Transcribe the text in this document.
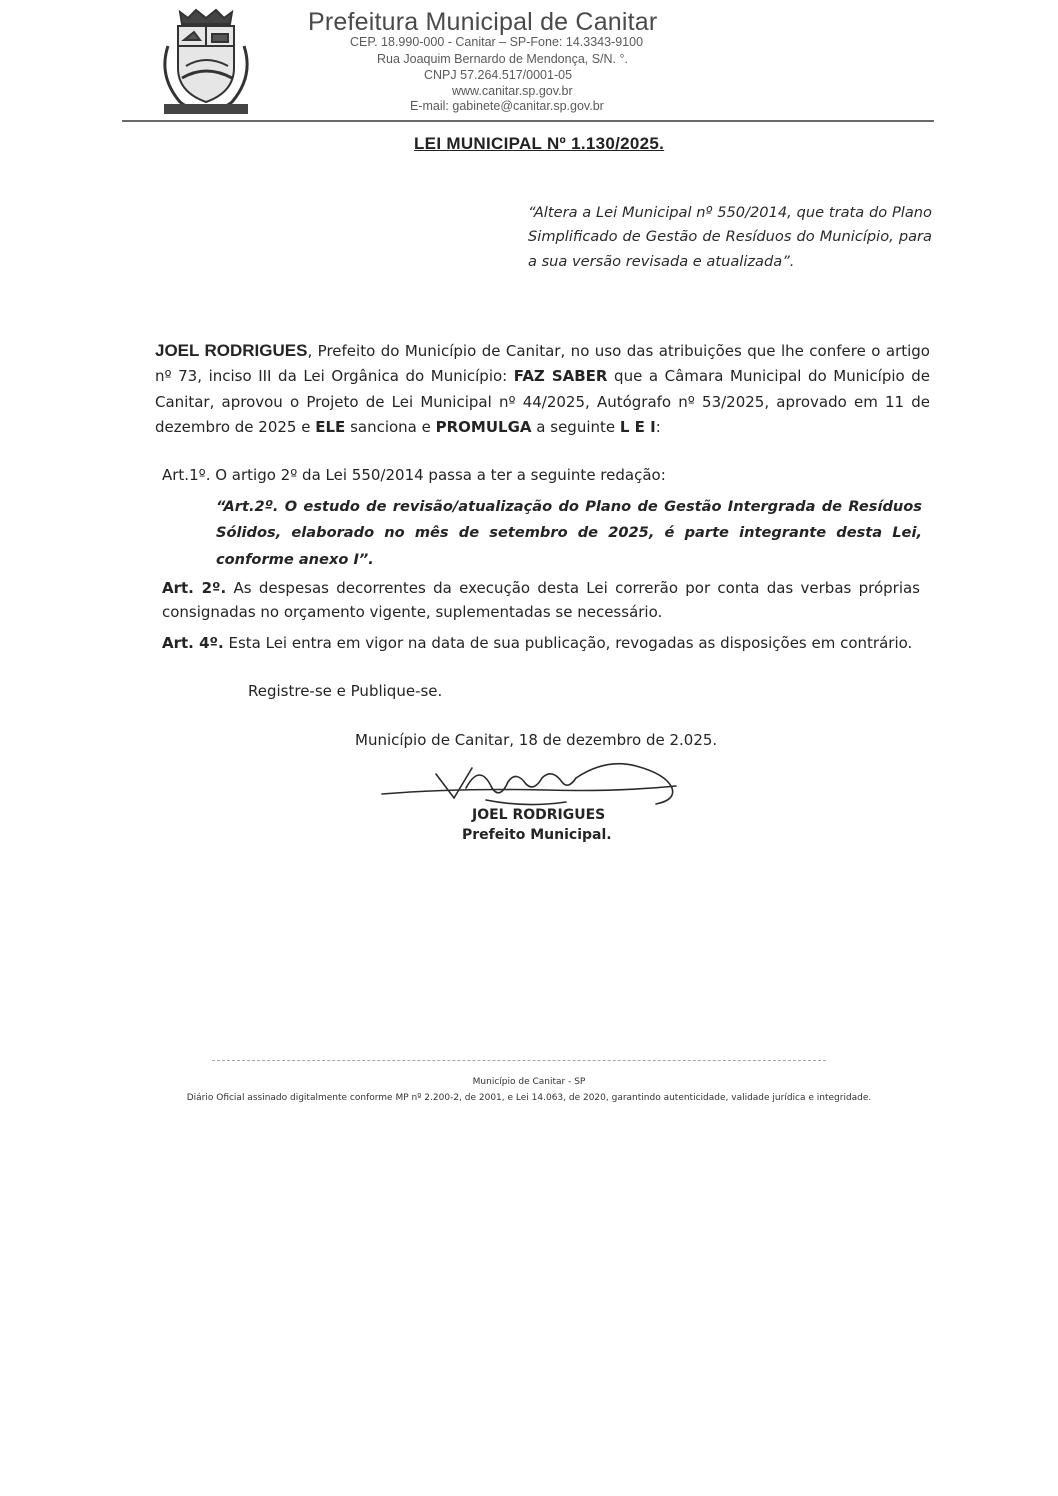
Prefeitura Municipal de Canitar
CEP. 18.990-000 - Canitar – SP-Fone: 14.3343-9100
Rua Joaquim Bernardo de Mendonça, S/N. °.
CNPJ 57.264.517/0001-05
www.canitar.sp.gov.br
E-mail: gabinete@canitar.sp.gov.br
LEI MUNICIPAL Nº 1.130/2025.
“Altera a Lei Municipal nº 550/2014, que trata do Plano Simplificado de Gestão de Resíduos do Município, para a sua versão revisada e atualizada”.
JOEL RODRIGUES, Prefeito do Município de Canitar, no uso das atribuições que lhe confere o artigo nº 73, inciso III da Lei Orgânica do Município: FAZ SABER que a Câmara Municipal do Município de Canitar, aprovou o Projeto de Lei Municipal nº 44/2025, Autógrafo nº 53/2025, aprovado em 11 de dezembro de 2025 e ELE sanciona e PROMULGA a seguinte L E I:
Art.1º. O artigo 2º da Lei 550/2014 passa a ter a seguinte redação:
“Art.2º. O estudo de revisão/atualização do Plano de Gestão Intergrada de Resíduos Sólidos, elaborado no mês de setembro de 2025, é parte integrante desta Lei, conforme anexo I”.
Art. 2º. As despesas decorrentes da execução desta Lei correrão por conta das verbas próprias consignadas no orçamento vigente, suplementadas se necessário.
Art. 4º. Esta Lei entra em vigor na data de sua publicação, revogadas as disposições em contrário.
Registre-se e Publique-se.
Município de Canitar, 18 de dezembro de 2.025.
JOEL RODRIGUES
Prefeito Municipal.
Município de Canitar - SP
Diário Oficial assinado digitalmente conforme MP nº 2.200-2, de 2001, e Lei 14.063, de 2020, garantindo autenticidade, validade jurídica e integridade.
